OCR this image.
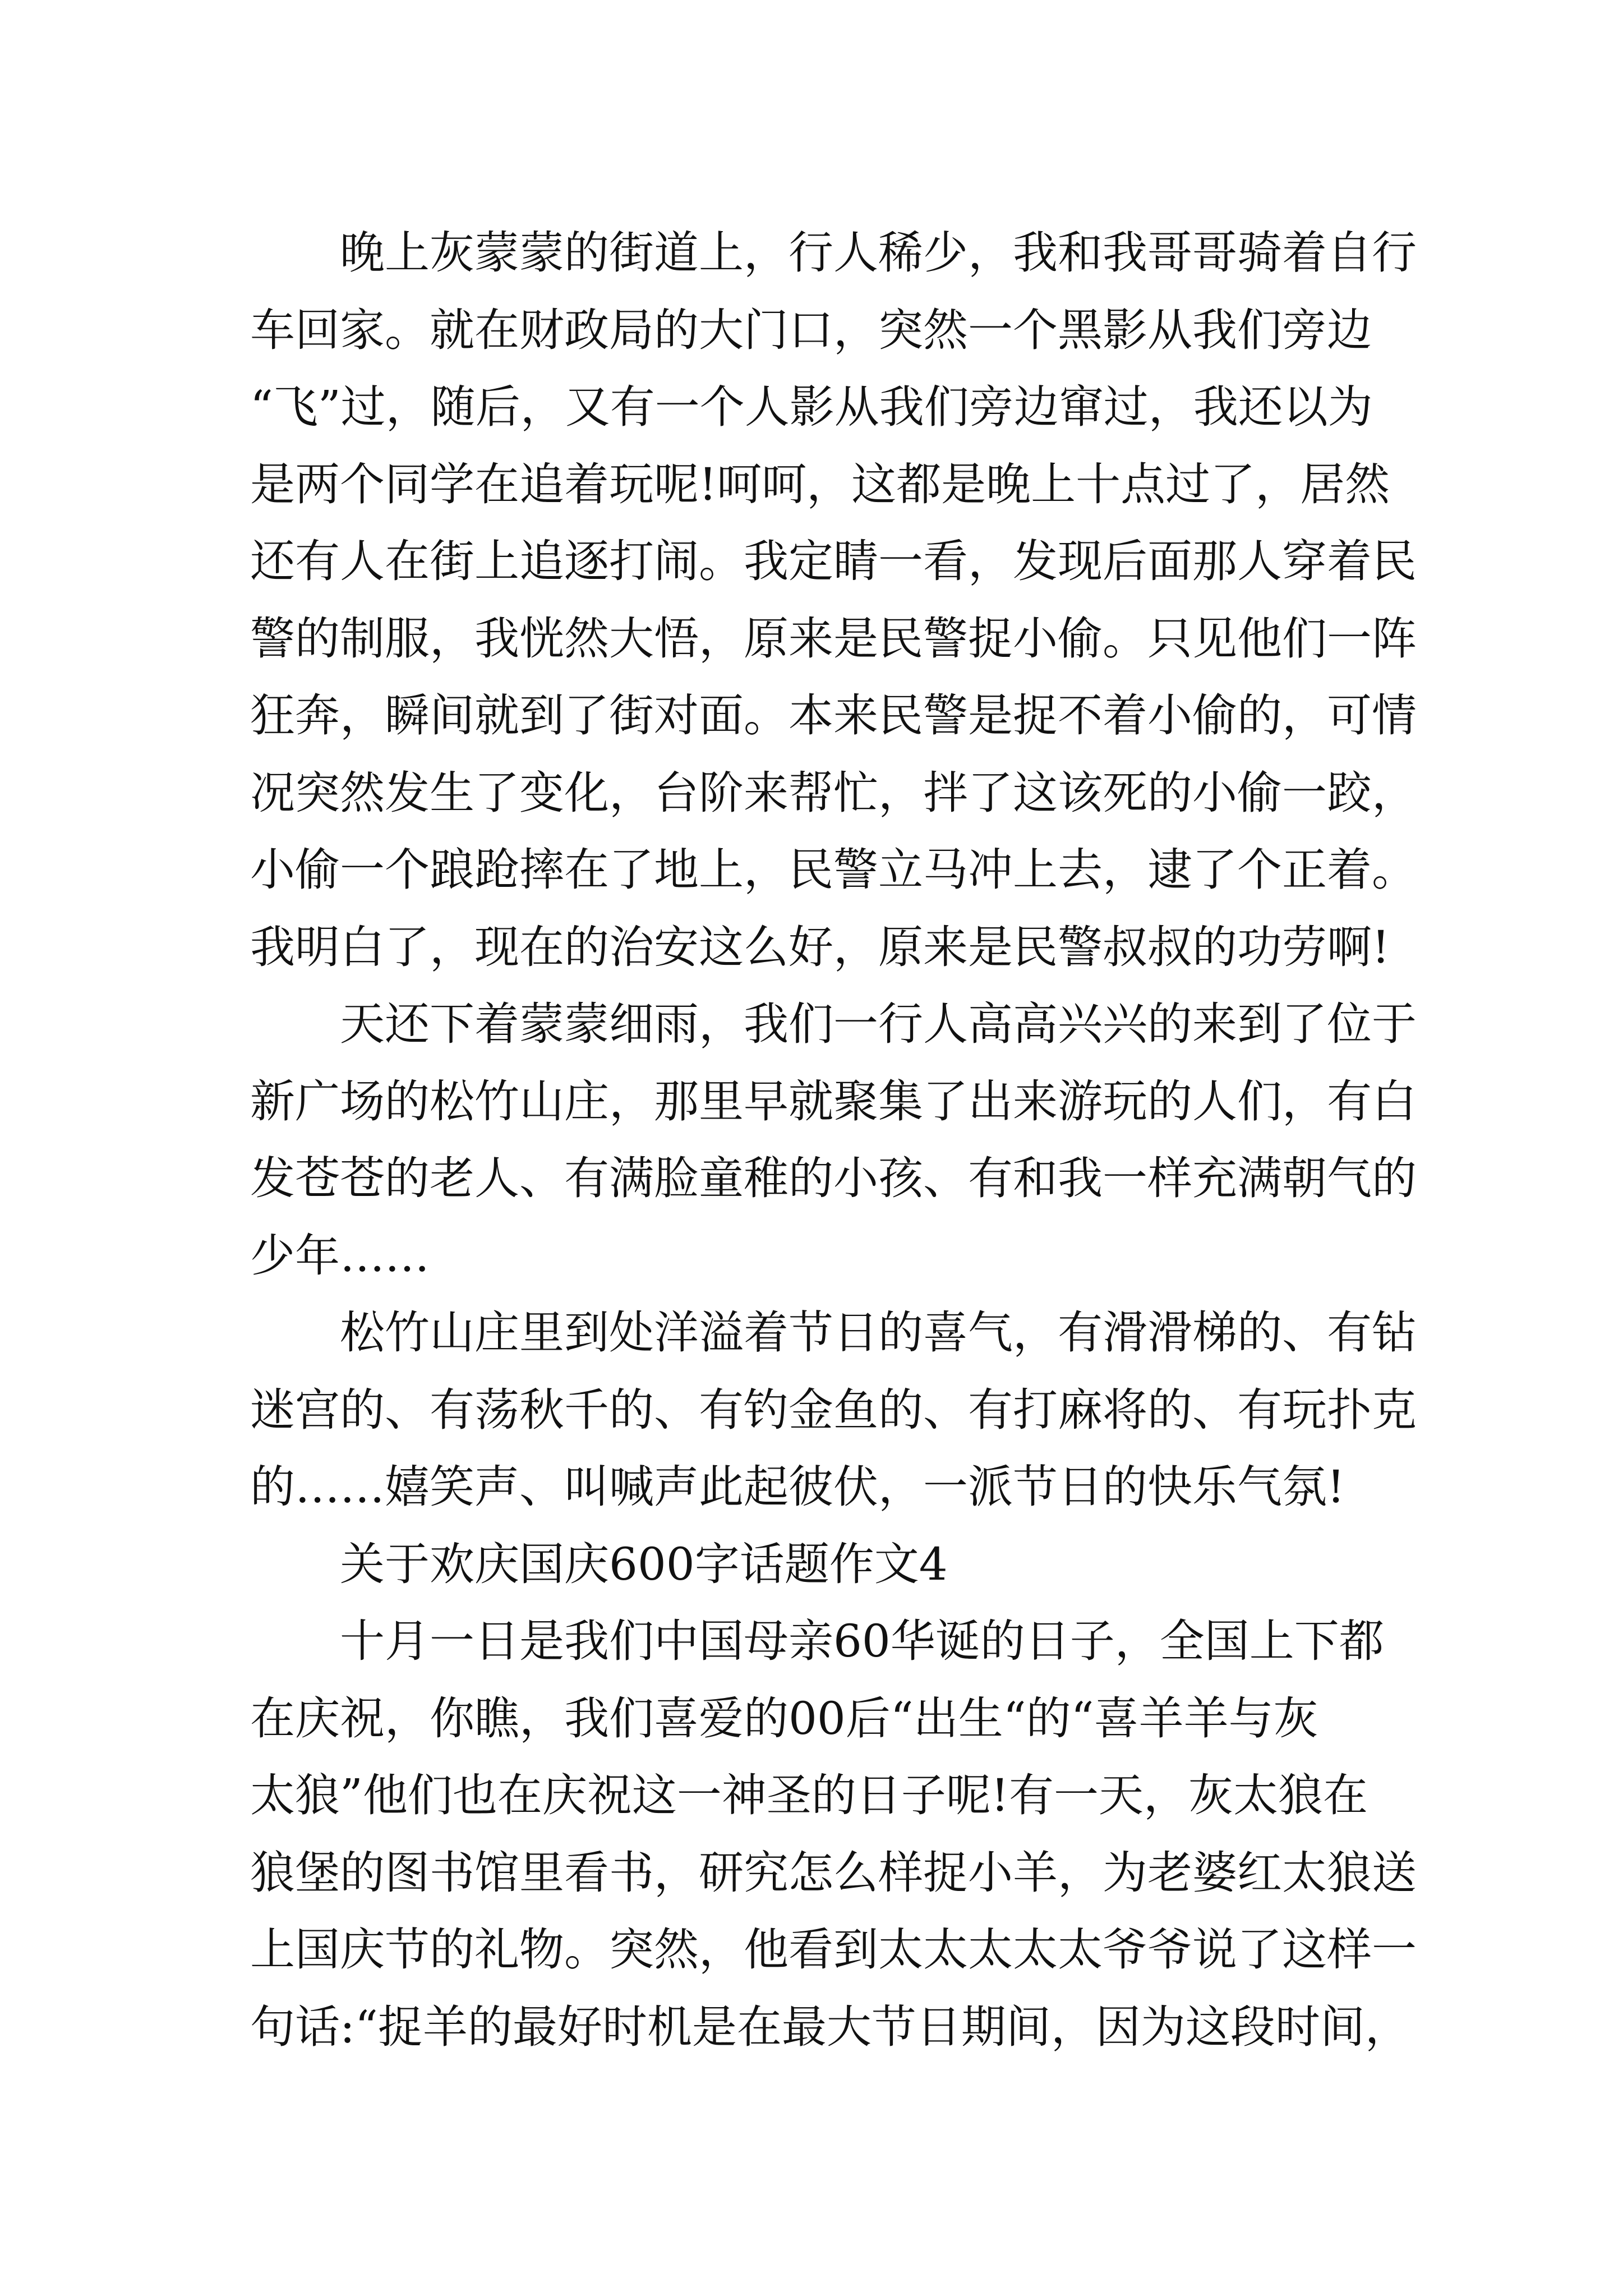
晚上灰蒙蒙的街道上，行人稀少，我和我哥哥骑着自行
车回家。就在财政局的大门口，突然一个黑影从我们旁边
“飞”过，随后，又有一个人影从我们旁边窜过，我还以为
是两个同学在追着玩呢!呵呵，这都是晚上十点过了，居然
还有人在街上追逐打闹。我定睛一看，发现后面那人穿着民
警的制服，我恍然大悟，原来是民警捉小偷。只见他们一阵
狂奔，瞬间就到了街对面。本来民警是捉不着小偷的，可情
况突然发生了变化，台阶来帮忙，拌了这该死的小偷一跤，
小偷一个踉跄摔在了地上，民警立马冲上去，逮了个正着。
我明白了，现在的治安这么好，原来是民警叔叔的功劳啊!
天还下着蒙蒙细雨，我们一行人高高兴兴的来到了位于
新广场的松竹山庄，那里早就聚集了出来游玩的人们，有白
发苍苍的老人、有满脸童稚的小孩、有和我一样充满朝气的
少年……
松竹山庄里到处洋溢着节日的喜气，有滑滑梯的、有钻
迷宫的、有荡秋千的、有钓金鱼的、有打麻将的、有玩扑克
的……嬉笑声、叫喊声此起彼伏，一派节日的快乐气氛!
关于欢庆国庆600字话题作文4
十月一日是我们中国母亲60华诞的日子，全国上下都
在庆祝，你瞧，我们喜爱的00后“出生“的“喜羊羊与灰
太狼”他们也在庆祝这一神圣的日子呢!有一天，灰太狼在
狼堡的图书馆里看书，研究怎么样捉小羊，为老婆红太狼送
上国庆节的礼物。突然，他看到太太太太太爷爷说了这样一
句话:“捉羊的最好时机是在最大节日期间，因为这段时间，
